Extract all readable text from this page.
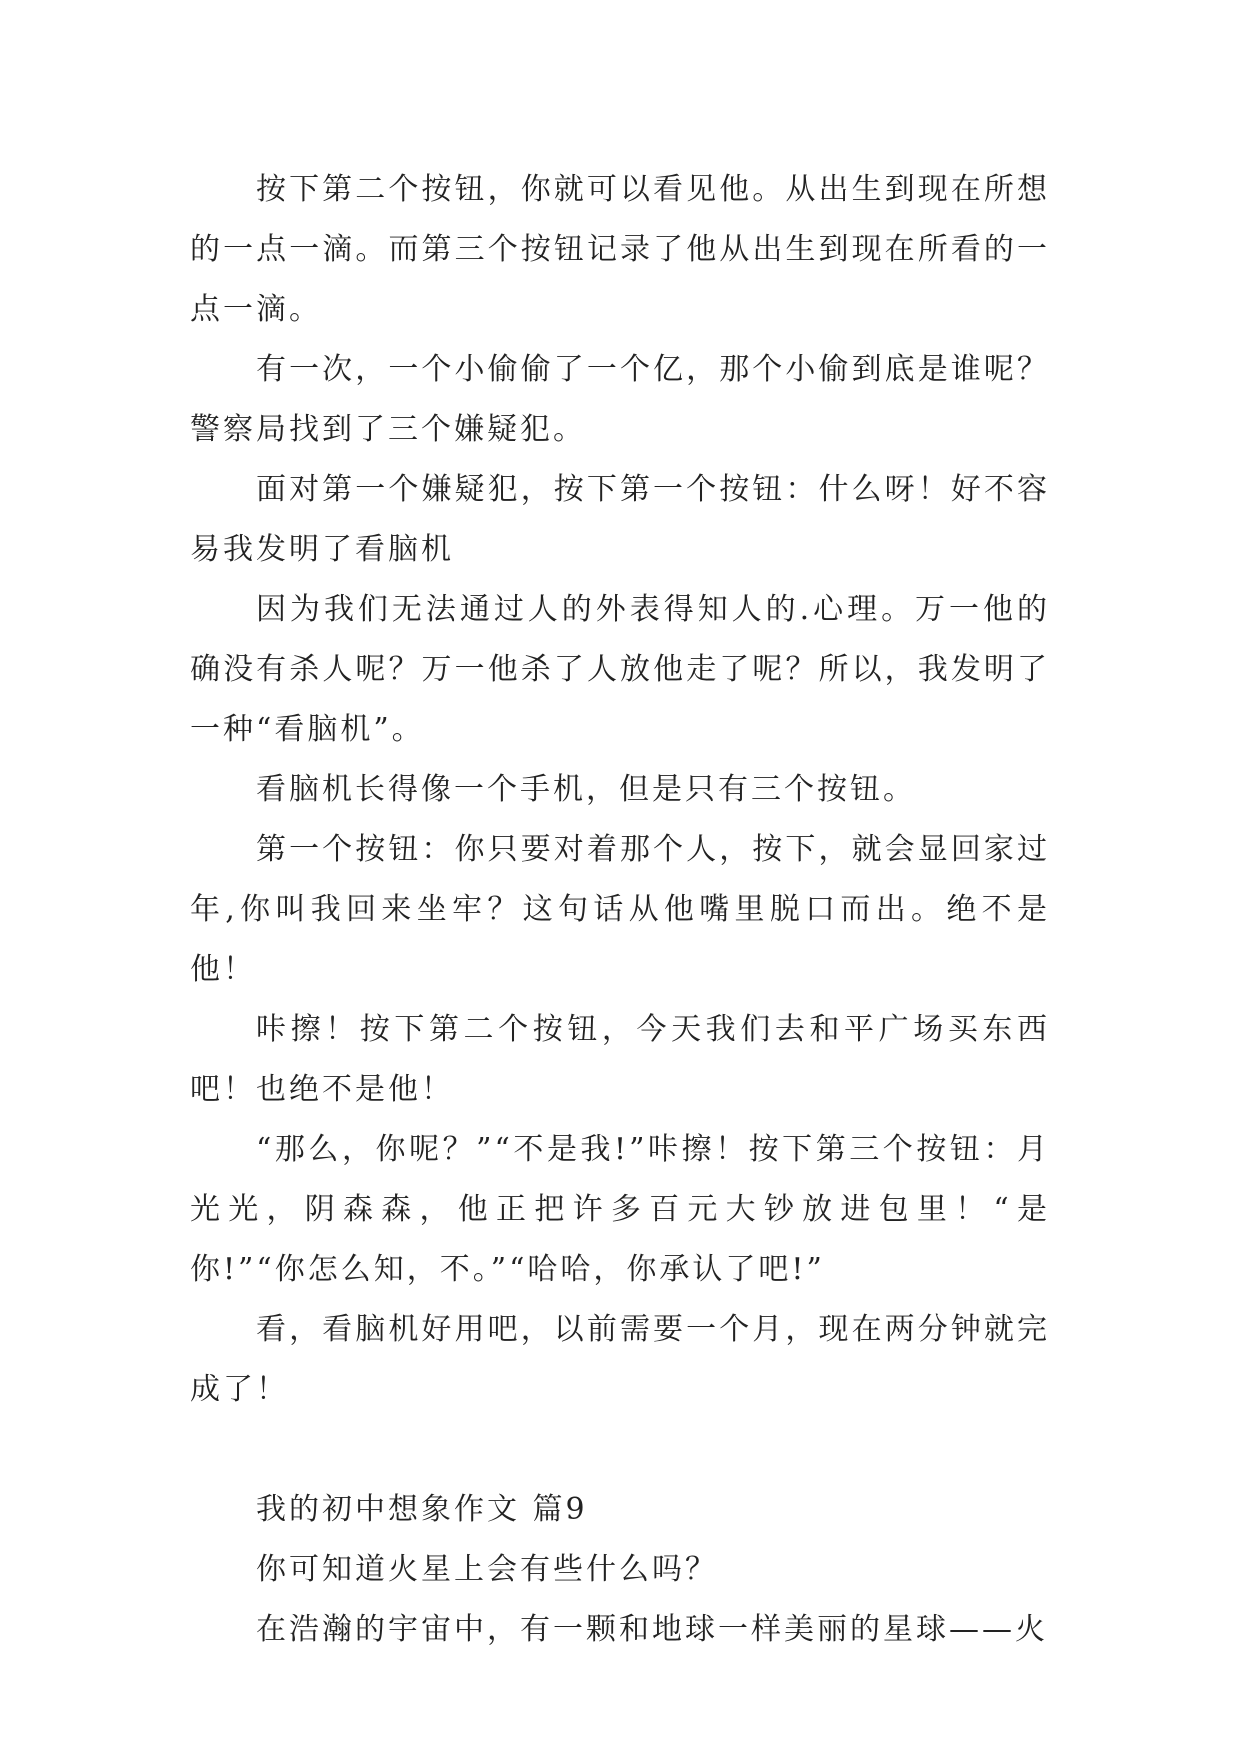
按下第二个按钮，你就可以看见他。从出生到现在所想的一点一滴。而第三个按钮记录了他从出生到现在所看的一点一滴。

有一次，一个小偷偷了一个亿，那个小偷到底是谁呢？警察局找到了三个嫌疑犯。

面对第一个嫌疑犯，按下第一个按钮：什么呀！好不容易我发明了看脑机

因为我们无法通过人的外表得知人的.心理。万一他的确没有杀人呢？万一他杀了人放他走了呢？所以，我发明了一种“看脑机”。

看脑机长得像一个手机，但是只有三个按钮。

第一个按钮：你只要对着那个人，按下，就会显回家过年,你叫我回来坐牢？这句话从他嘴里脱口而出。绝不是他！

咔擦！按下第二个按钮，今天我们去和平广场买东西吧！也绝不是他！

“那么，你呢？”“不是我!”咔擦！按下第三个按钮：月光光，阴森森，他正把许多百元大钞放进包里！“是你!”“你怎么知，不。”“哈哈，你承认了吧!”

看，看脑机好用吧，以前需要一个月，现在两分钟就完成了！

我的初中想象作文 篇9

你可知道火星上会有些什么吗？

在浩瀚的宇宙中，有一颗和地球一样美丽的星球——火
